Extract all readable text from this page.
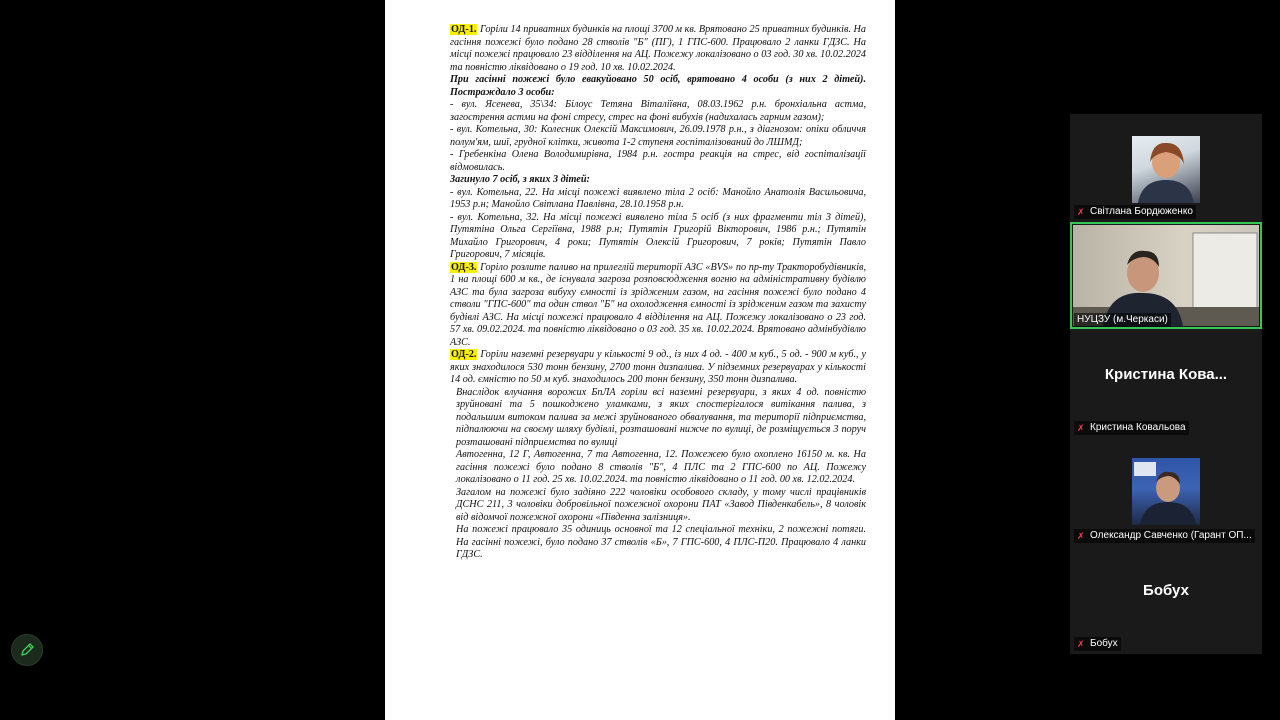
ОД-1. Горіли 14 приватних будинків на площі 3700 м кв. Врятовано 25 приватних будинків. На гасіння пожежі було подано 28 стволів "Б" (ПГ), 1 ГПС-600. Працювало 2 ланки ГДЗС. На місці пожежі працювало 23 відділення на АЦ. Пожежу локалізовано о 03 год. 30 хв. 10.02.2024 та повністю ліквідовано о 19 год. 10 хв. 10.02.2024.

При гасінні пожежі було евакуйовано 50 осіб, врятовано 4 особи (з них 2 дітей). Постраждало 3 особи:

- вул. Ясенева, 35\34: Білоус Тетяна Віталіївна, 08.03.1962 р.н. бронхіальна астма, загострення астми на фоні стресу, стрес на фоні вибухів (надихалась гарним газом);

- вул. Котельна, 30: Колесник Олексій Максимович, 26.09.1978 р.н., з діагнозом: опіки обличчя полум'ям, шиї, грудної клітки, живота 1-2 ступеня госпіталізований до ЛШМД;

- Гребенкіна Олена Володимирівна, 1984 р.н. гостра реакція на стрес, від госпіталізації відмовилась.

Загинуло 7 осіб, з яких 3 дітей:

- вул. Котельна, 22. На місці пожежі виявлено тіла 2 осіб: Манойло Анатолія Васильовича, 1953 р.н; Манойло Світлана Павлівна, 28.10.1958 р.н.

- вул. Котельна, 32. На місці пожежі виявлено тіла 5 осіб (з них фрагменти тіл 3 дітей), Путятіна Ольга Сергіївна, 1988 р.н; Путятін Григорій Вікторович, 1986 р.н.; Путятін Михайло Григорович, 4 роки; Путятін Олексій Григорович, 7 років; Путятін Павло Григорович, 7 місяців.

ОД-3. Горіло розлите паливо на прилеглій території АЗС «BVS» по пр-ту Тракторобудівників, 1 на площі 600 м кв., де існувала загроза розповсюдження вогню на адміністративну будівлю АЗС та була загроза вибуху ємності із зрідженим газом, на гасіння пожежі було подано 4 стволи "ГПС-600" та один ствол "Б" на охолодження ємності із зрідженим газом та захисту будівлі АЗС. На місці пожежі працювало 4 відділення на АЦ. Пожежу локалізовано о 23 год. 57 хв. 09.02.2024. та повністю ліквідовано о 03 год. 35 хв. 10.02.2024. Врятовано адмінбудівлю АЗС.

ОД-2. Горіли наземні резервуари у кількості 9 од., із них 4 од. - 400 м куб., 5 од. - 900 м куб., у яких знаходилося 530 тонн бензину, 2700 тонн дизпалива. У підземних резервуарах у кількості 14 од. ємністю по 50 м куб. знаходилось 200 тонн бензину, 350 тонн дизпалива.

Внаслідок влучання ворожих БпЛА горіли всі наземні резервуари, з яких 4 од. повністю зруйновані та 5 пошкоджено уламками, з яких спостерігалося витікання палива, з подальшим витоком палива за межі зруйнованого обвалування, та території підприємства, підпалюючи на своєму шляху будівлі, розташовані нижче по вулиці, де розміщується 3 поруч розташовані підприємства по вулиці

Автогенна, 12 Г, Автогенна, 7 та Автогенна, 12. Пожежею було охоплено 16150 м. кв. На гасіння пожежі було подано 8 стволів "Б", 4 ПЛС та 2 ГПС-600 по АЦ. Пожежу локалізовано о 11 год. 25 хв. 10.02.2024. та повністю ліквідовано о 11 год. 00 хв. 12.02.2024.

Загалом на пожежі було задіяно 222 чоловіки особового складу, у тому числі працівників ДСНС 211, 3 чоловіки добровільної пожежної охорони ПАТ «Завод Південкабель», 8 чоловік від відомчої пожежної охорони «Південна залізниця».

На пожежі працювало 35 одиниць основної та 12 спеціальної техніки, 2 пожежні потяги. На гасінні пожежі, було подано 37 стволів «Б», 7 ГПС-600, 4 ПЛС-П20. Працювало 4 ланки ГДЗС.

✗ Світлана Бордюженко
НУЦЗУ (м.Черкаси)
Кристина Кова...
✗ Кристина Ковальова
✗ Олександр Савченко (Гарант ОП...
Бобух
✗ Бобух
